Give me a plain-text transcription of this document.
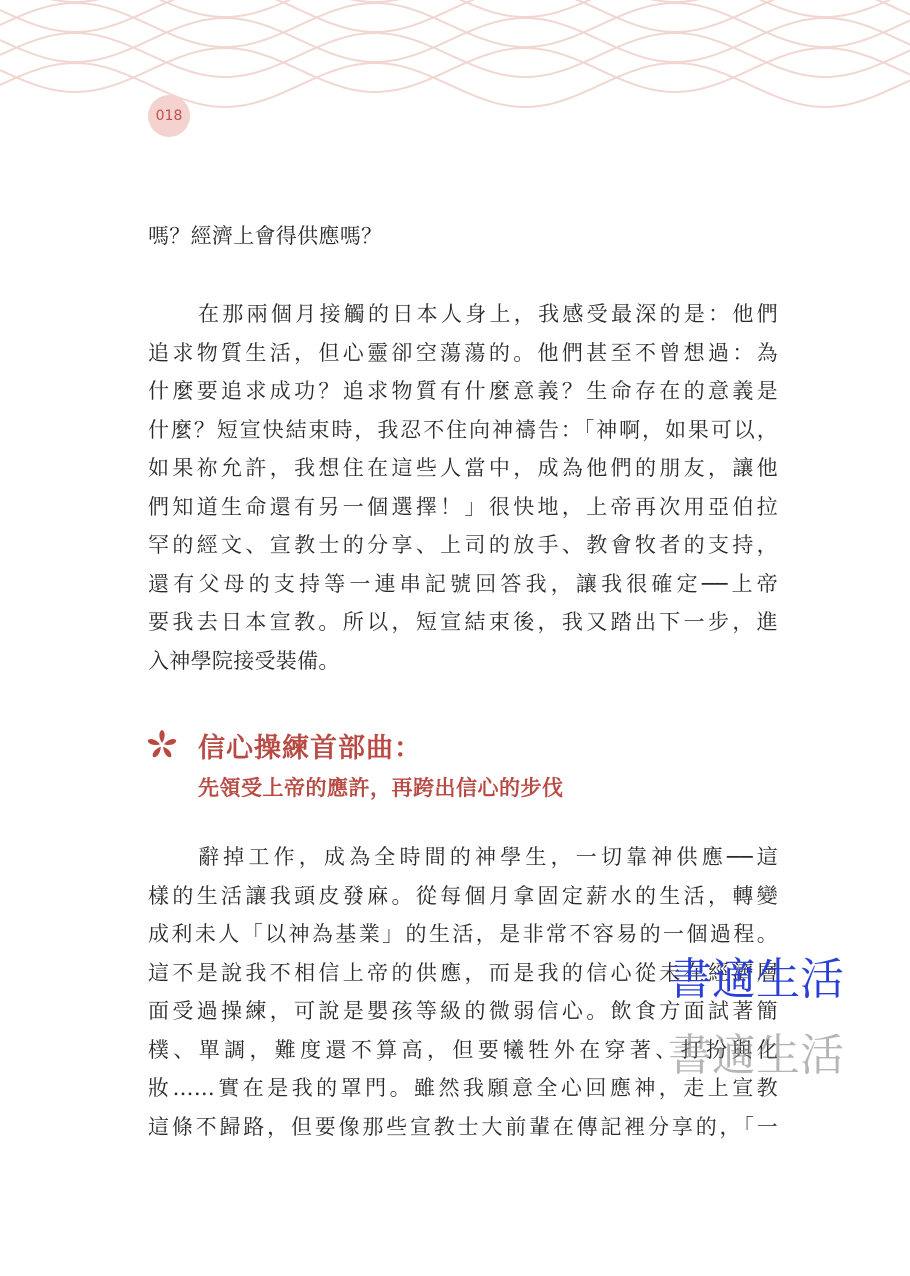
018
嗎？經濟上會得供應嗎？
在那兩個月接觸的日本人身上，我感受最深的是：他們
追求物質生活，但心靈卻空蕩蕩的。他們甚至不曾想過：為
什麼要追求成功？追求物質有什麼意義？生命存在的意義是
什麼？短宣快結束時，我忍不住向神禱告：「神啊，如果可以，
如果祢允許，我想住在這些人當中，成為他們的朋友，讓他
們知道生命還有另一個選擇！」很快地，上帝再次用亞伯拉
罕的經文、宣教士的分享、上司的放手、教會牧者的支持，
還有父母的支持等一連串記號回答我，讓我很確定──上帝
要我去日本宣教。所以，短宣結束後，我又踏出下一步，進
入神學院接受裝備。
辭掉工作，成為全時間的神學生，一切靠神供應──這
樣的生活讓我頭皮發麻。從每個月拿固定薪水的生活，轉變
成利未人「以神為基業」的生活，是非常不容易的一個過程。
這不是說我不相信上帝的供應，而是我的信心從未在經濟層
面受過操練，可說是嬰孩等級的微弱信心。飲食方面試著簡
樸、單調，難度還不算高，但要犧牲外在穿著、打扮與化
妝……實在是我的罩門。雖然我願意全心回應神，走上宣教
這條不歸路，但要像那些宣教士大前輩在傳記裡分享的，「一
信心操練首部曲：
先領受上帝的應許，再跨出信心的步伐
書適生活
書適生活
